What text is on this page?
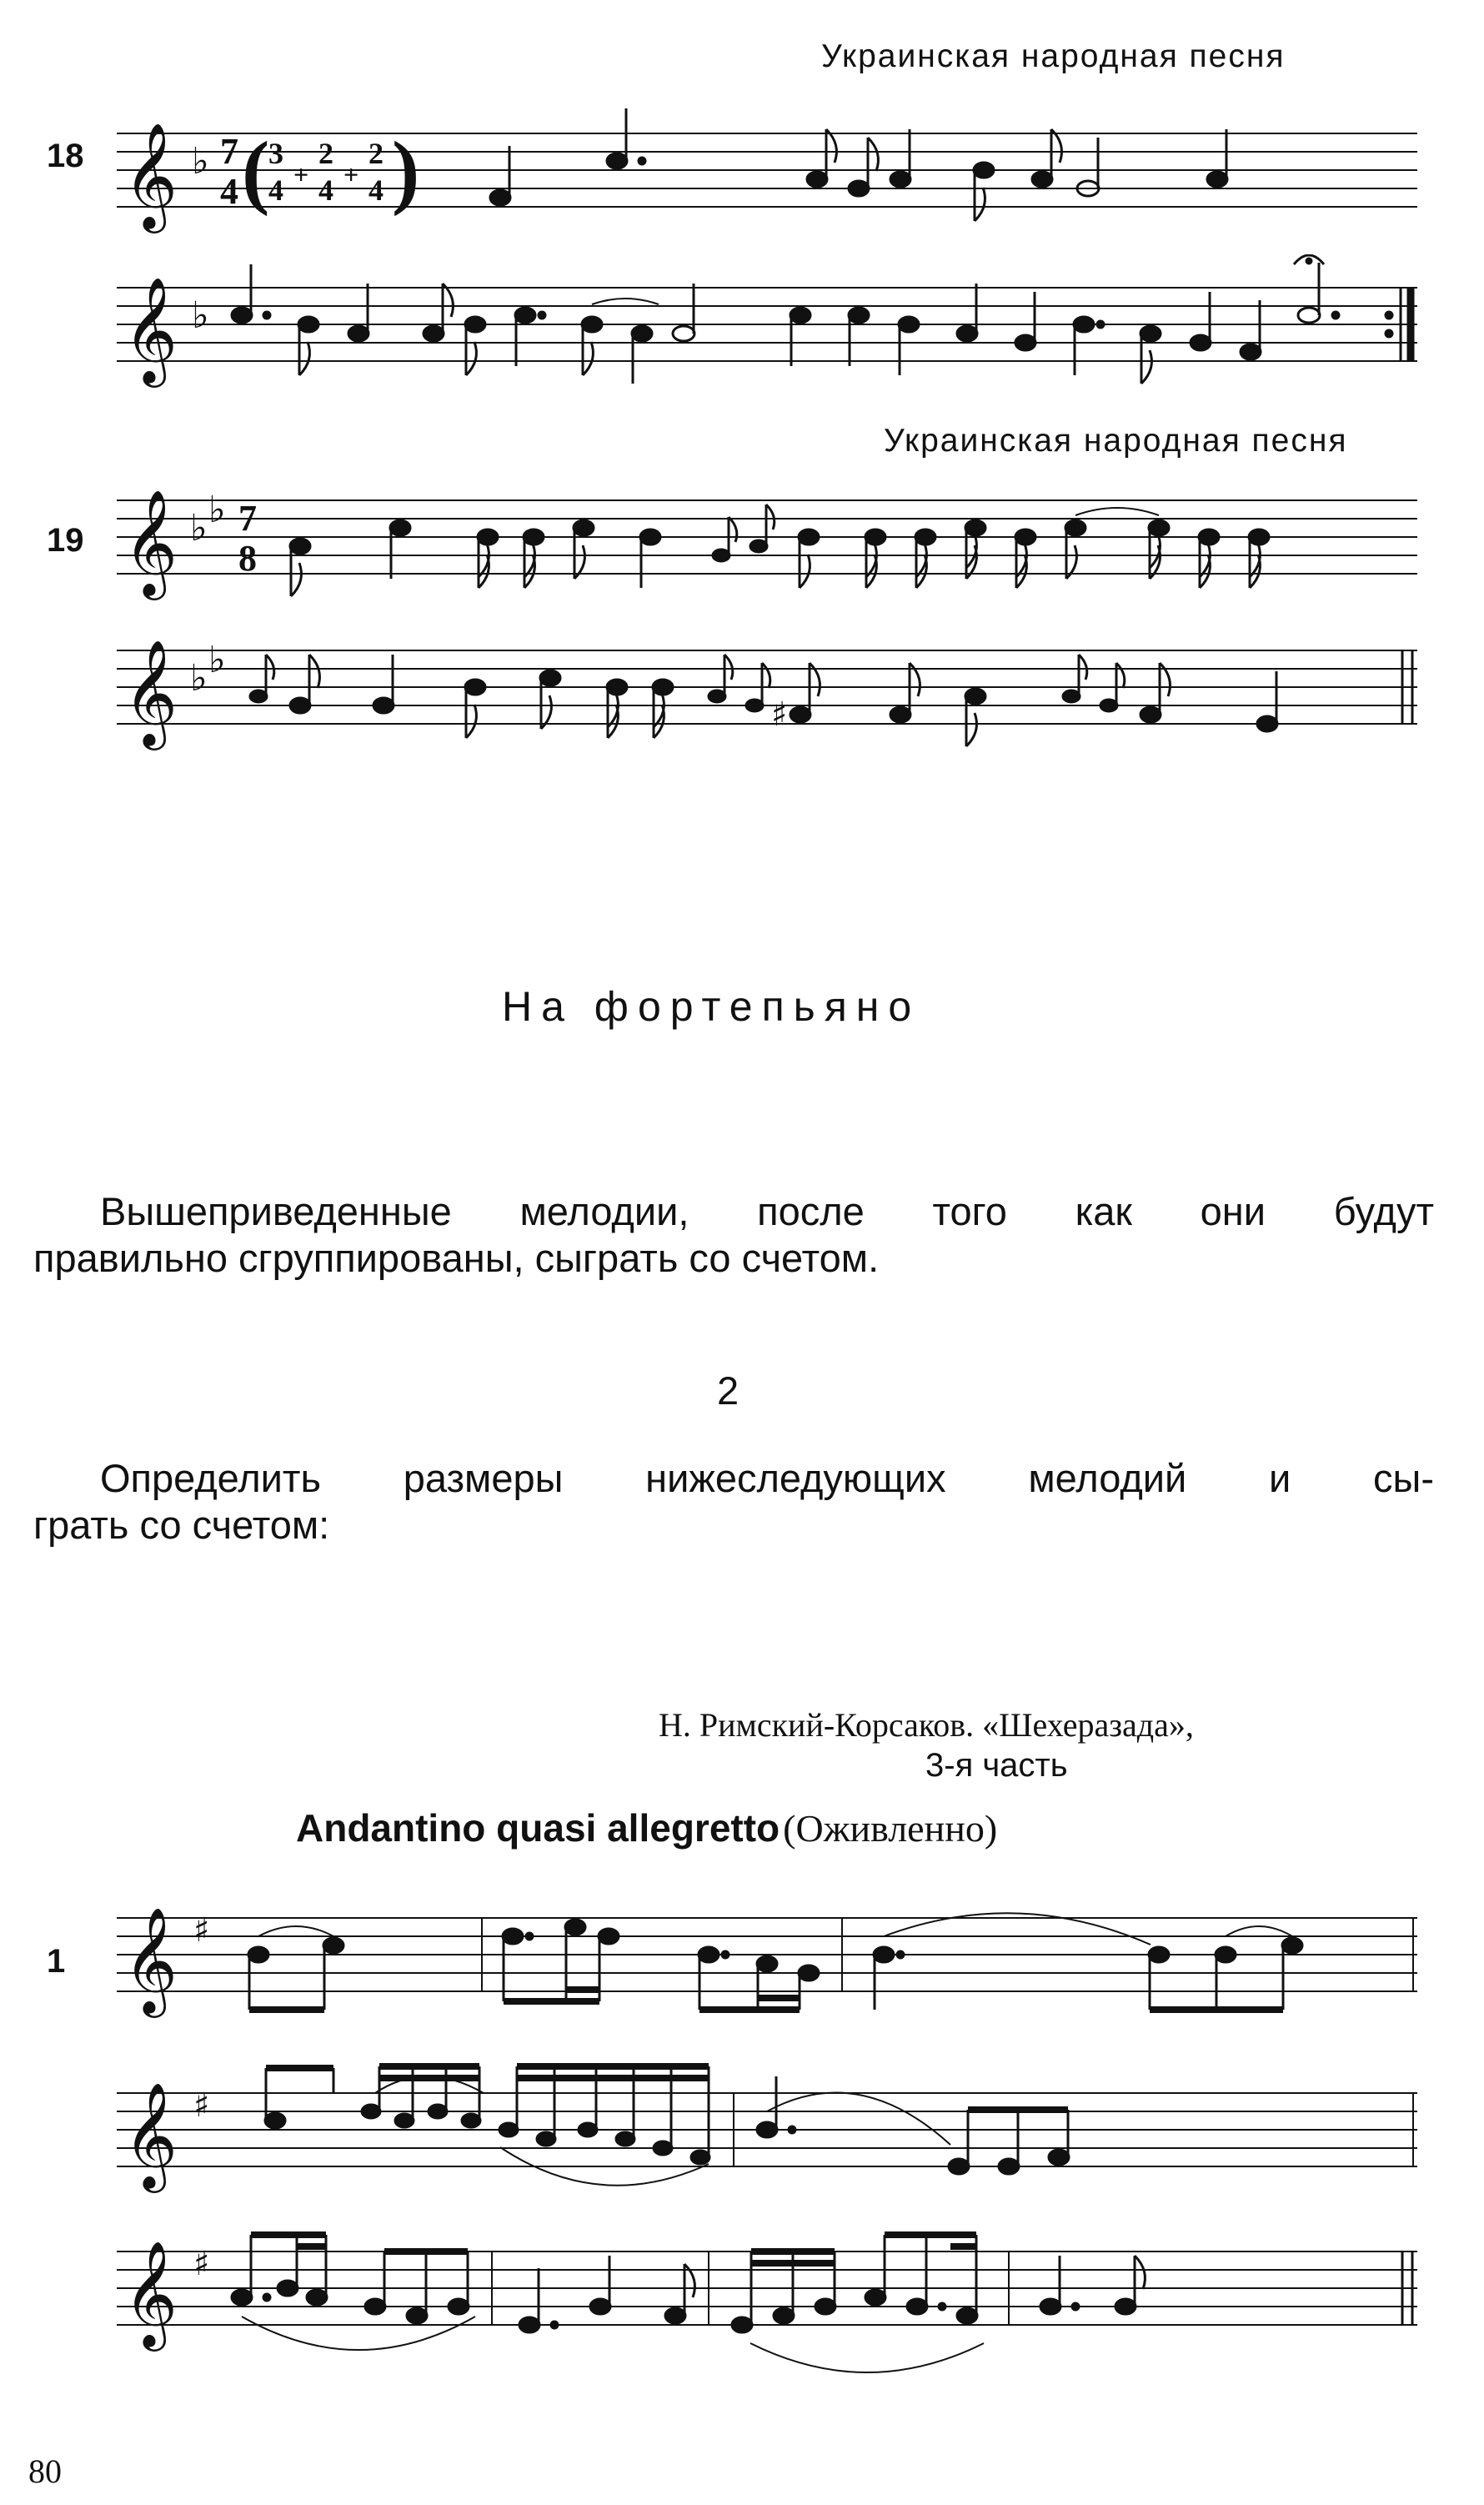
Украинская народная песня

18 𝄞 ♭ 7
4 (
3
4 +
2
4 +
2
4 )
𝄞 ♭

Украинская народная песня

19 𝄞 ♭ ♭ 7
8
𝄞 ♭ ♭
♯
На фортепьяно
Вышеприведенные мелодии, после того как они будут
правильно сгруппированы, сыграть со счетом.
2
Определить размеры нижеследующих мелодий и сы-
грать со счетом:
Н. Римский-Корсаков. «Шехеразада»,
3-я часть
Andantino quasi allegretto (Оживленно)
1 𝄞 ♯
𝄞 ♯
𝄞 ♯
80
